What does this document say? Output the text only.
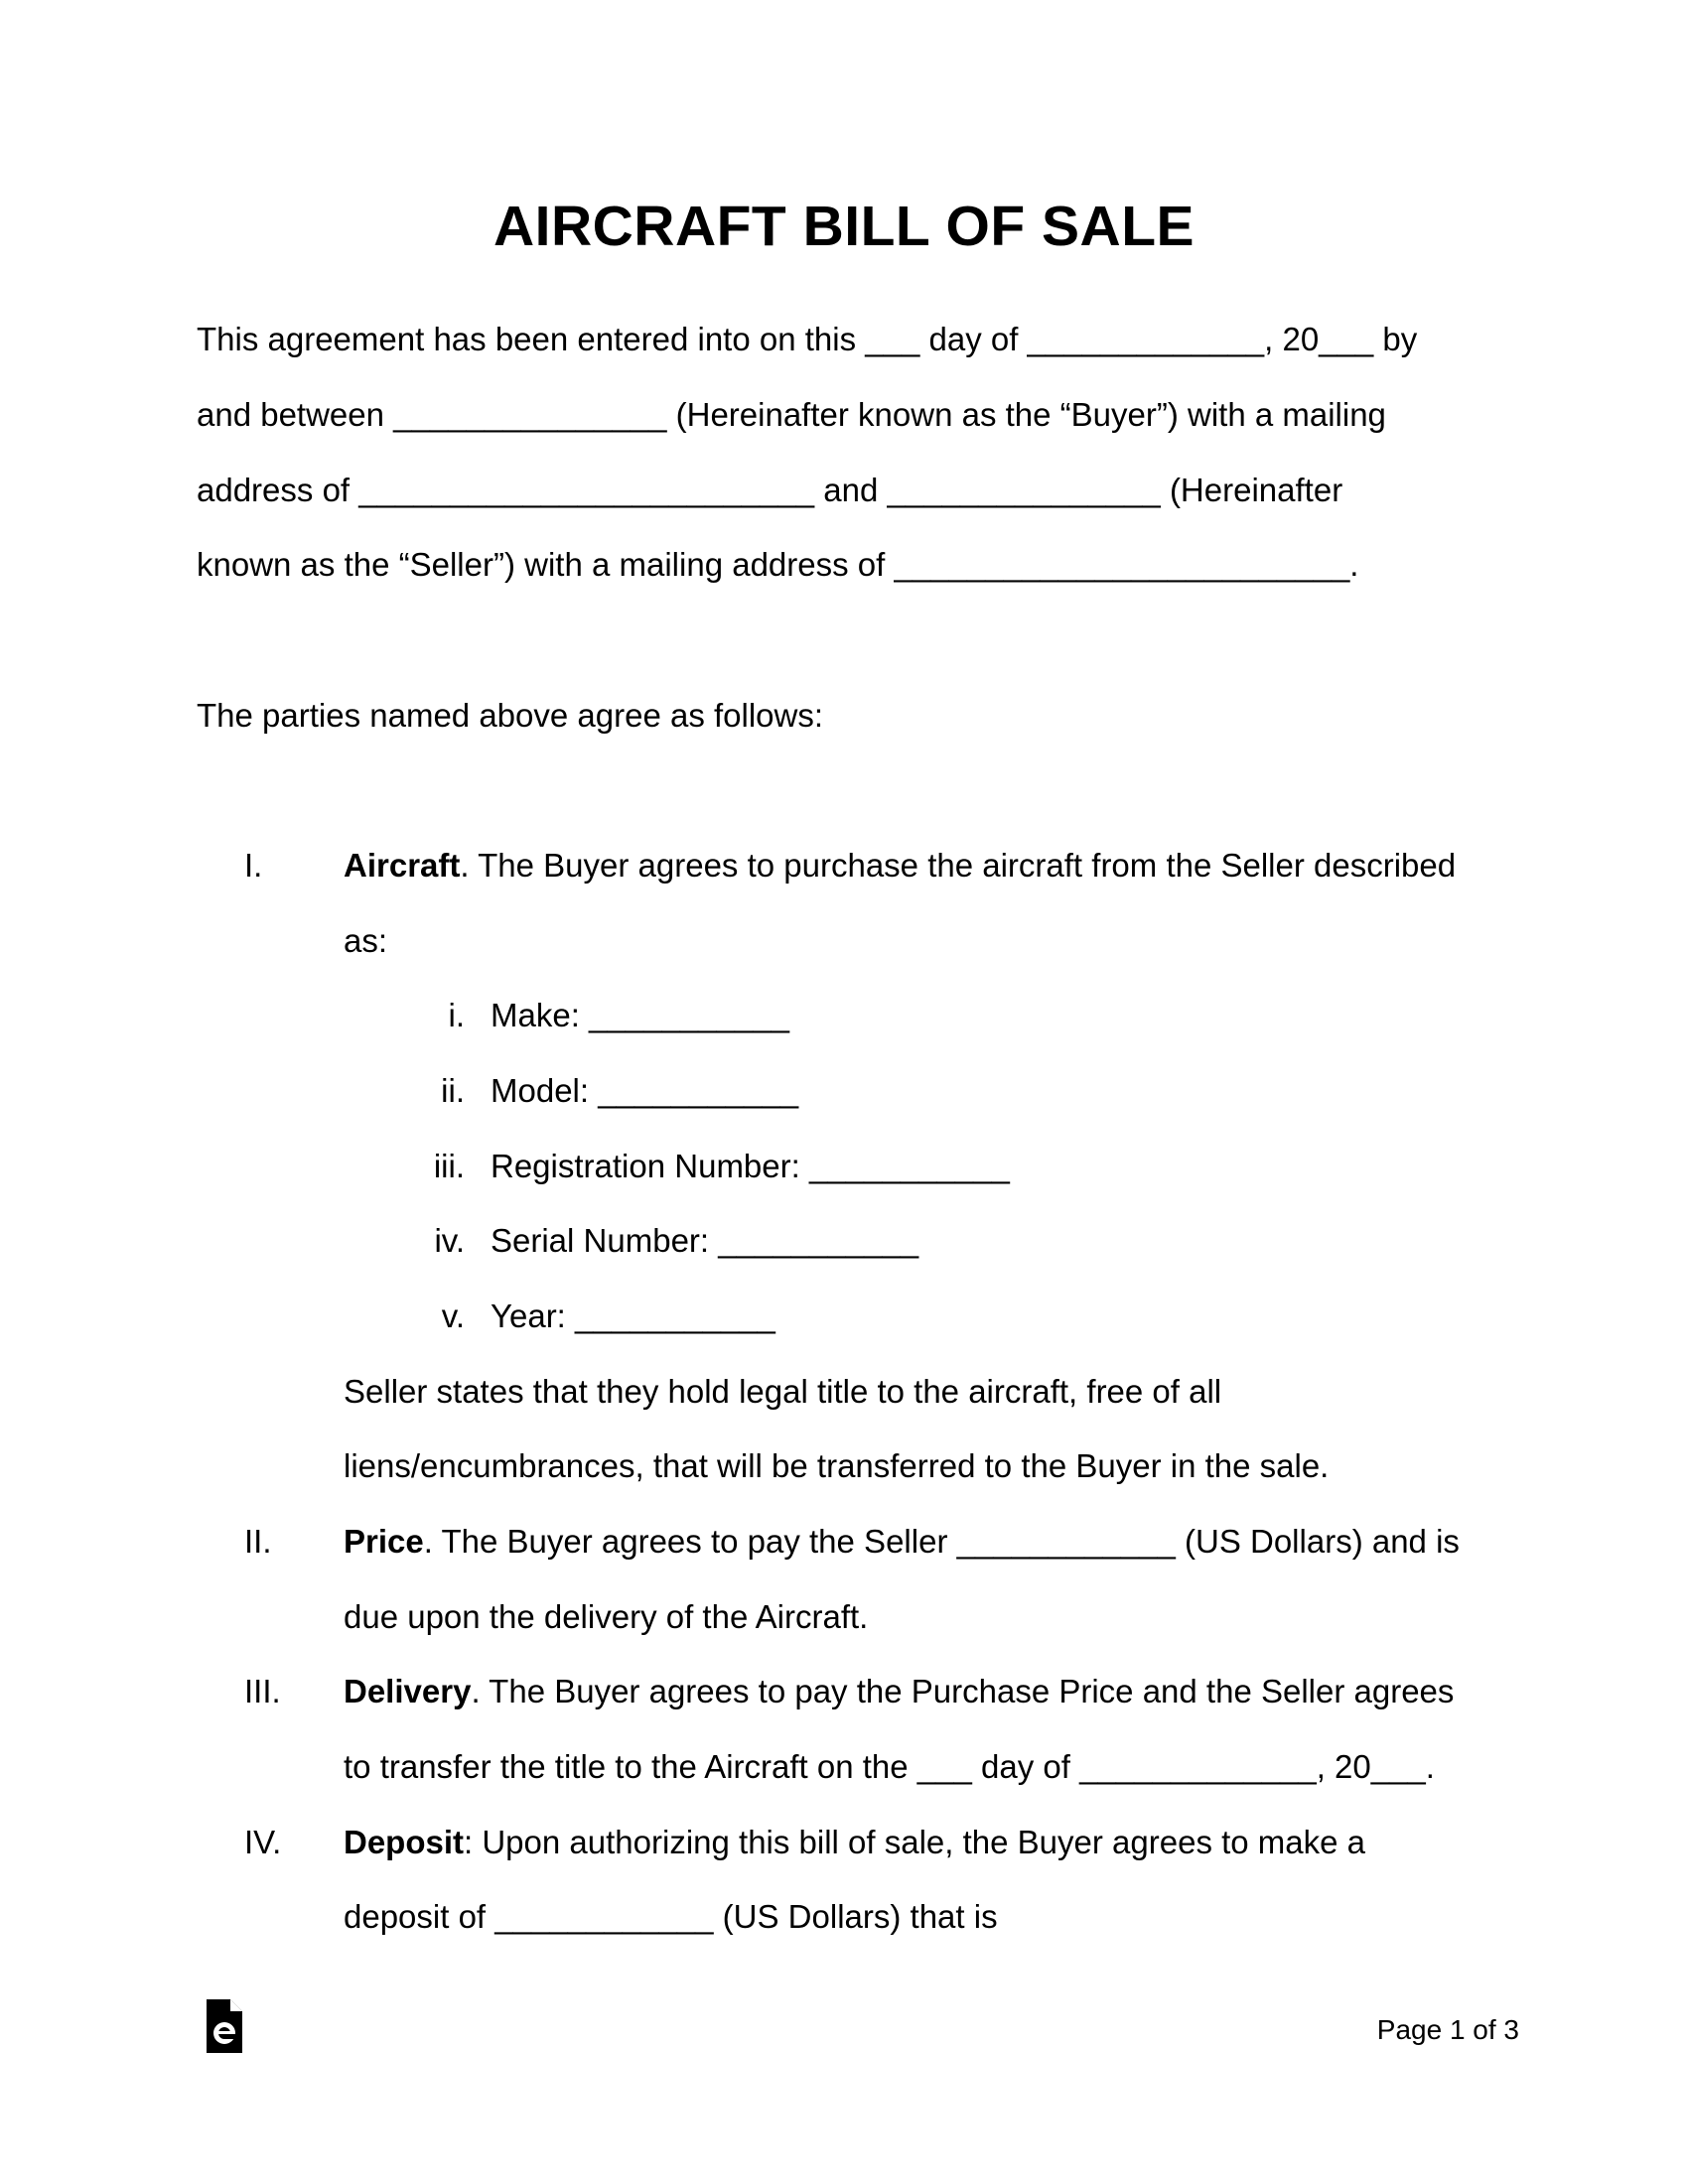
AIRCRAFT BILL OF SALE
This agreement has been entered into on this ___ day of _____________, 20___ by
and between _______________ (Hereinafter known as the “Buyer”) with a mailing
address of _________________________ and _______________ (Hereinafter
known as the “Seller”) with a mailing address of _________________________.
The parties named above agree as follows:
I.	Aircraft. The Buyer agrees to purchase the aircraft from the Seller described
as:
i. Make: ___________
ii. Model: ___________
iii. Registration Number: ___________
iv. Serial Number: ___________
v. Year: ___________
Seller states that they hold legal title to the aircraft, free of all
liens/encumbrances, that will be transferred to the Buyer in the sale.
II.	Price. The Buyer agrees to pay the Seller ____________ (US Dollars) and is
due upon the delivery of the Aircraft.
III.	Delivery. The Buyer agrees to pay the Purchase Price and the Seller agrees
to transfer the title to the Aircraft on the ___ day of _____________, 20___.
IV.	Deposit: Upon authorizing this bill of sale, the Buyer agrees to make a
deposit of ____________ (US Dollars) that is
Page 1 of 3
